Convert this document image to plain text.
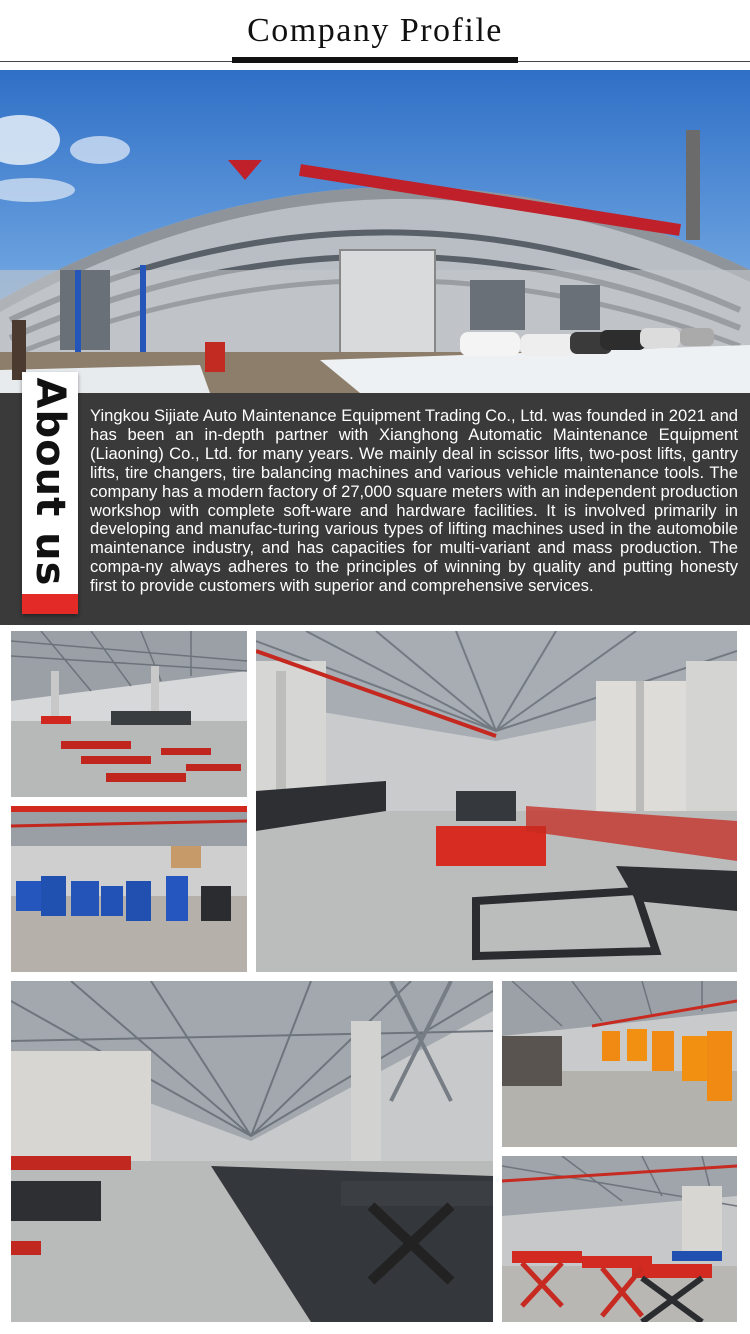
Company Profile
About us Yingkou Sijiate Auto Maintenance Equipment Trading Co., Ltd. was founded in 2021 and has been an in-depth partner with Xianghong Automatic Maintenance Equipment (Liaoning) Co., Ltd. for many years. We mainly deal in scissor lifts, two-post lifts, gantry lifts, tire changers, tire balancing machines and various vehicle maintenance tools. The company has a modern factory of 27,000 square meters with an independent production workshop with complete soft-ware and hardware facilities. It is involved primarily in developing and manufac-turing various types of lifting machines used in the automobile maintenance industry, and has capacities for multi-variant and mass production. The compa-ny always adheres to the principles of winning by quality and putting honesty first to provide customers with superior and comprehensive services.
